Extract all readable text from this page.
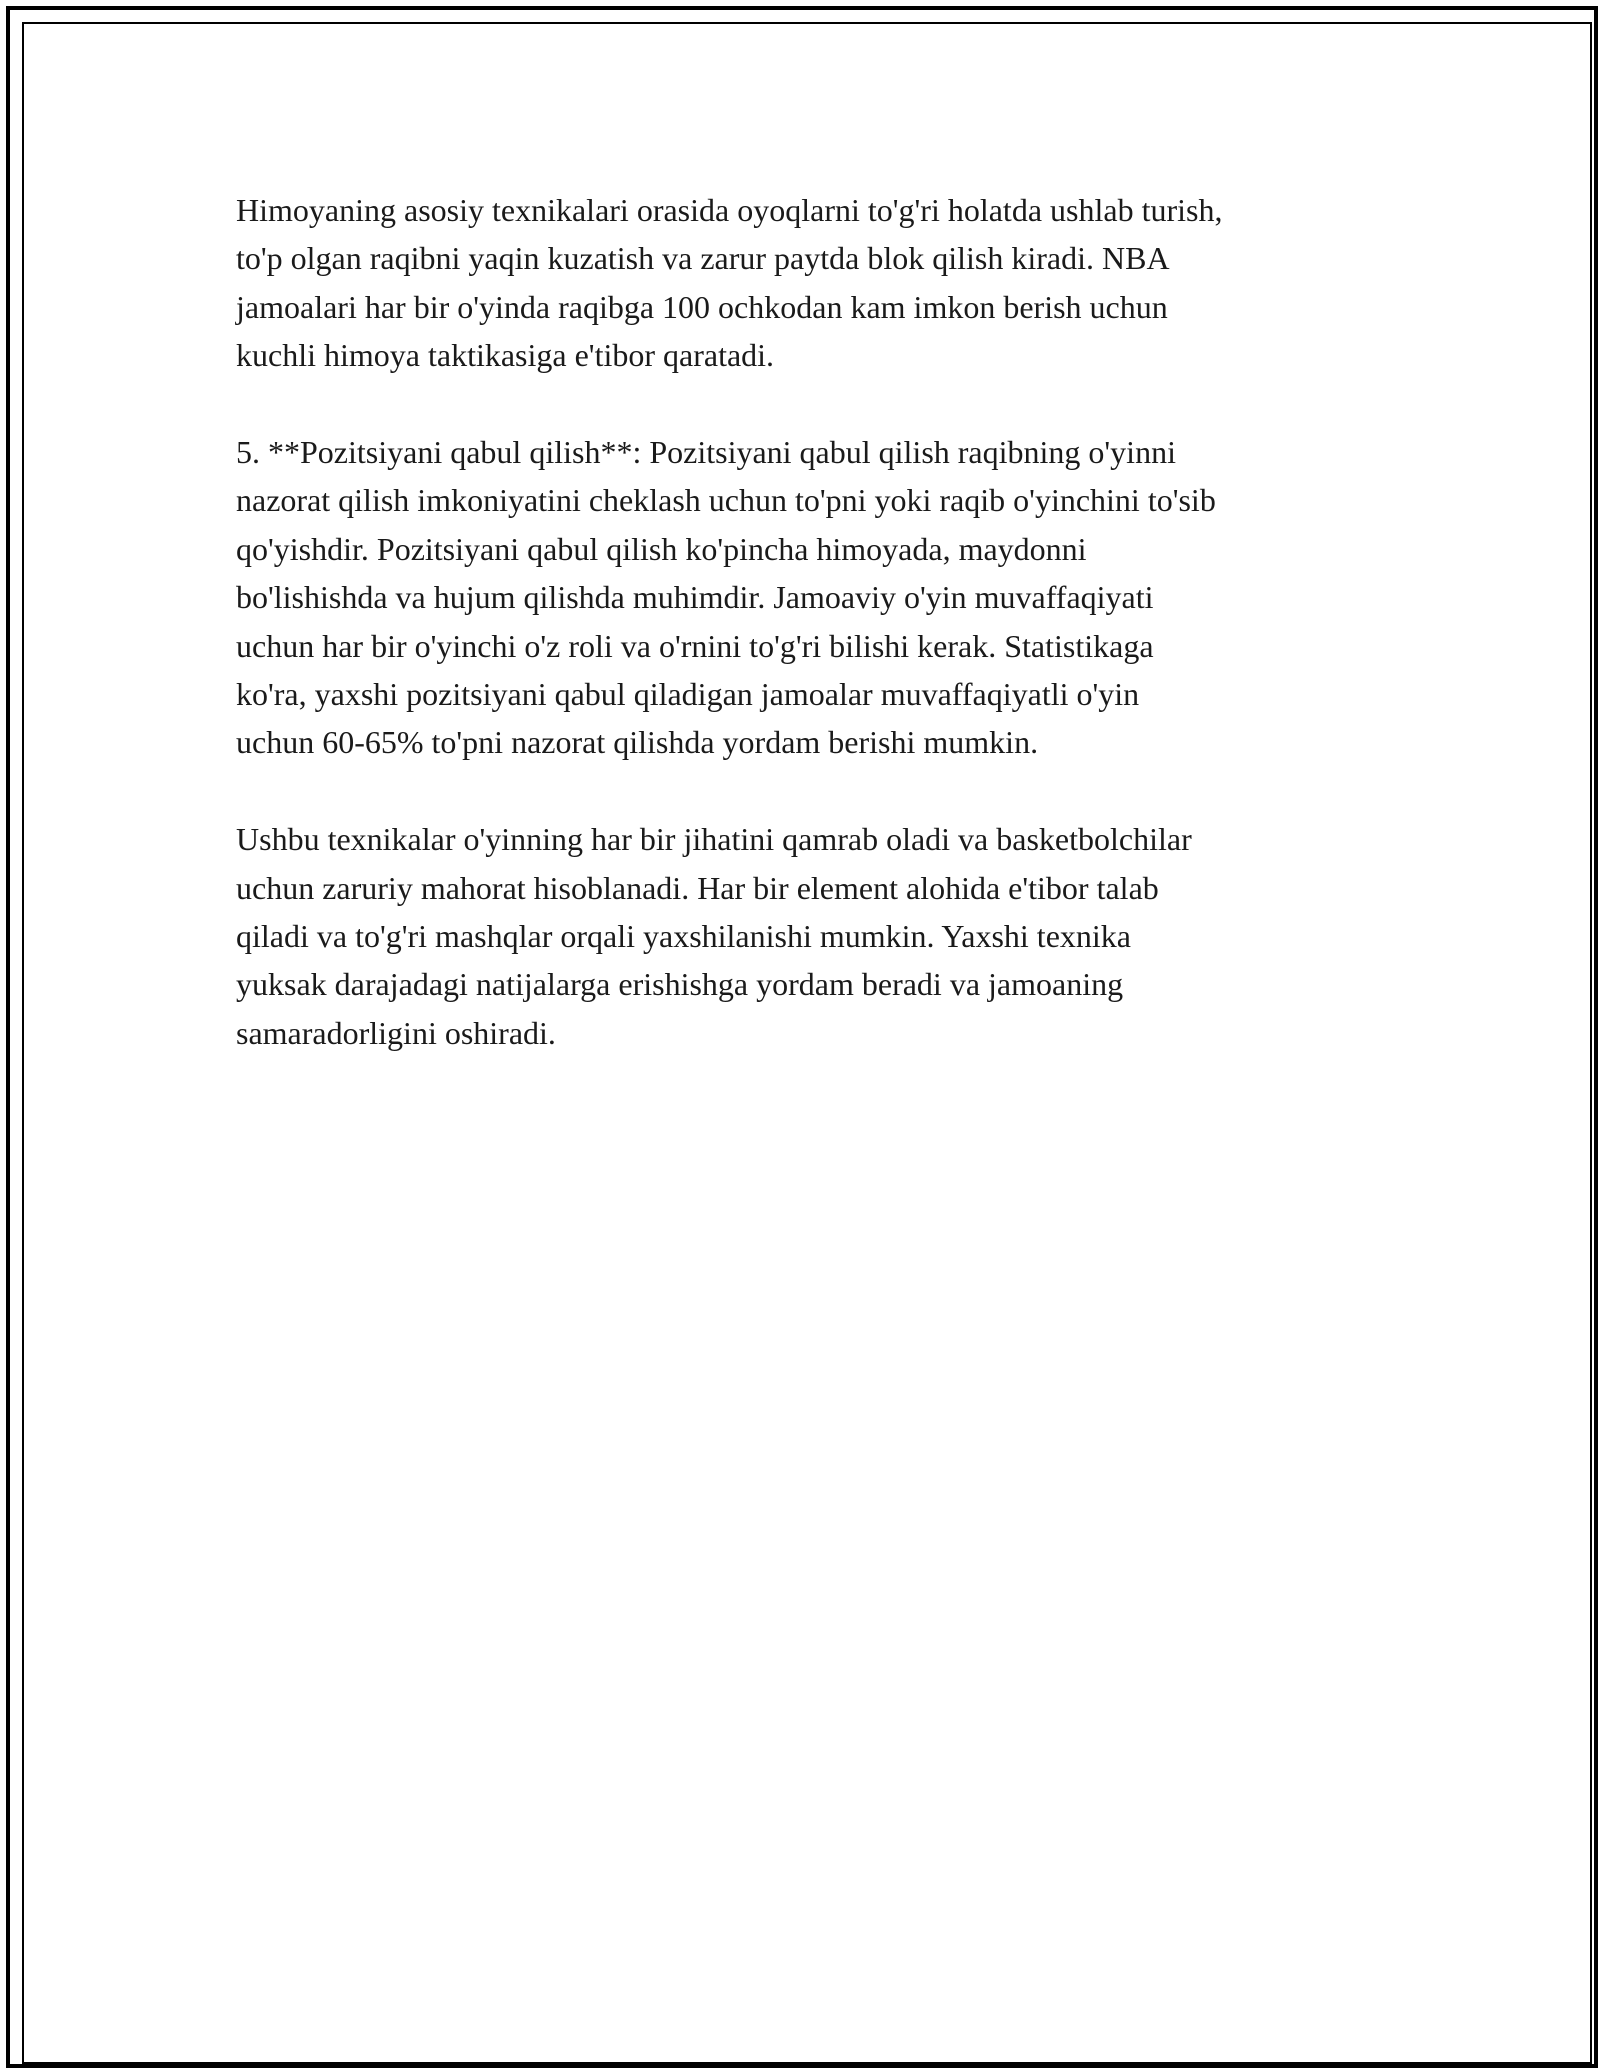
Himoyaning asosiy texnikalari orasida oyoqlarni to'g'ri holatda ushlab turish,
to'p olgan raqibni yaqin kuzatish va zarur paytda blok qilish kiradi. NBA
jamoalari har bir o'yinda raqibga 100 ochkodan kam imkon berish uchun
kuchli himoya taktikasiga e'tibor qaratadi.

5. **Pozitsiyani qabul qilish**: Pozitsiyani qabul qilish raqibning o'yinni
nazorat qilish imkoniyatini cheklash uchun to'pni yoki raqib o'yinchini to'sib
qo'yishdir. Pozitsiyani qabul qilish ko'pincha himoyada, maydonni
bo'lishishda va hujum qilishda muhimdir. Jamoaviy o'yin muvaffaqiyati
uchun har bir o'yinchi o'z roli va o'rnini to'g'ri bilishi kerak. Statistikaga
ko'ra, yaxshi pozitsiyani qabul qiladigan jamoalar muvaffaqiyatli o'yin
uchun 60-65% to'pni nazorat qilishda yordam berishi mumkin.

Ushbu texnikalar o'yinning har bir jihatini qamrab oladi va basketbolchilar
uchun zaruriy mahorat hisoblanadi. Har bir element alohida e'tibor talab
qiladi va to'g'ri mashqlar orqali yaxshilanishi mumkin. Yaxshi texnika
yuksak darajadagi natijalarga erishishga yordam beradi va jamoaning
samaradorligini oshiradi.
